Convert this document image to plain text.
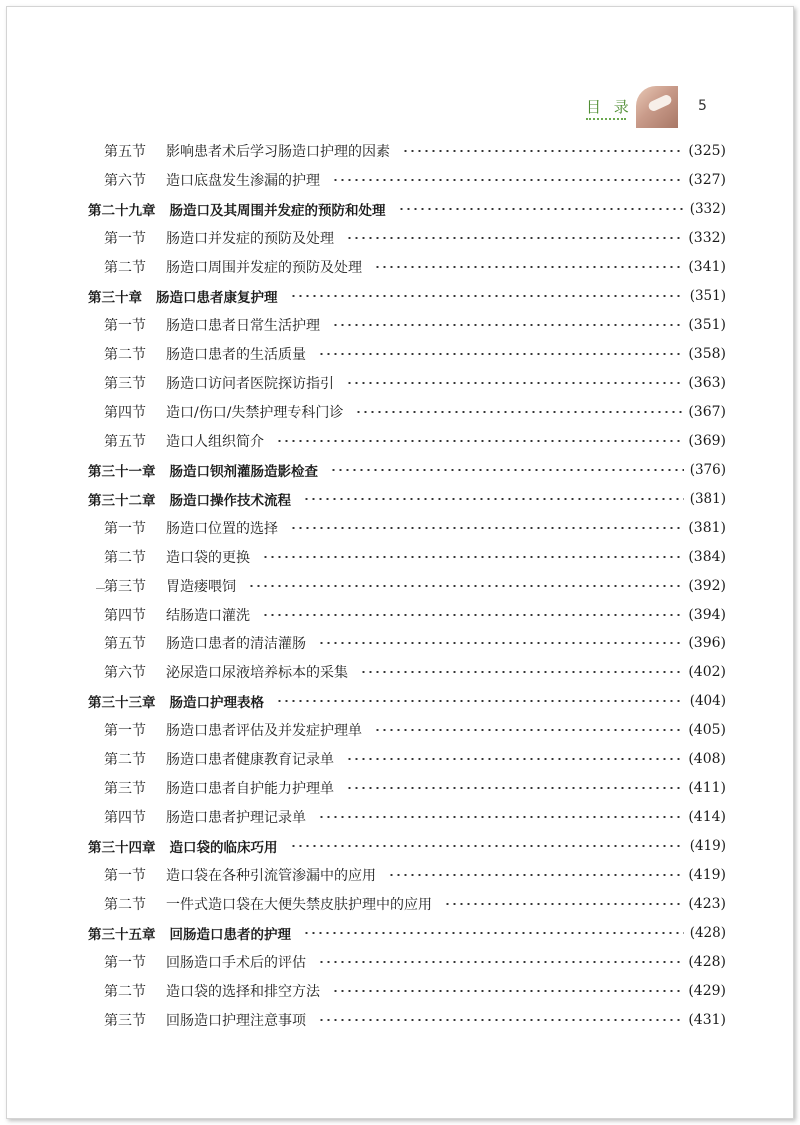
目 录	5
第五节	影响患者术后学习肠造口护理的因素	(325)
第六节	造口底盘发生渗漏的护理	(327)
第二十九章 肠造口及其周围并发症的预防和处理	(332)
第一节	肠造口并发症的预防及处理	(332)
第二节	肠造口周围并发症的预防及处理	(341)
第三十章 肠造口患者康复护理	(351)
第一节	肠造口患者日常生活护理	(351)
第二节	肠造口患者的生活质量	(358)
第三节	肠造口访问者医院探访指引	(363)
第四节	造口/伤口/失禁护理专科门诊	(367)
第五节	造口人组织简介	(369)
第三十一章 肠造口钡剂灌肠造影检查	(376)
第三十二章 肠造口操作技术流程	(381)
第一节	肠造口位置的选择	(381)
第二节	造口袋的更换	(384)
第三节	胃造瘘喂饲	(392)
第四节	结肠造口灌洗	(394)
第五节	肠造口患者的清洁灌肠	(396)
第六节	泌尿造口尿液培养标本的采集	(402)
第三十三章 肠造口护理表格	(404)
第一节	肠造口患者评估及并发症护理单	(405)
第二节	肠造口患者健康教育记录单	(408)
第三节	肠造口患者自护能力护理单	(411)
第四节	肠造口患者护理记录单	(414)
第三十四章 造口袋的临床巧用	(419)
第一节	造口袋在各种引流管渗漏中的应用	(419)
第二节	一件式造口袋在大便失禁皮肤护理中的应用	(423)
第三十五章 回肠造口患者的护理	(428)
第一节	回肠造口手术后的评估	(428)
第二节	造口袋的选择和排空方法	(429)
第三节	回肠造口护理注意事项	(431)
